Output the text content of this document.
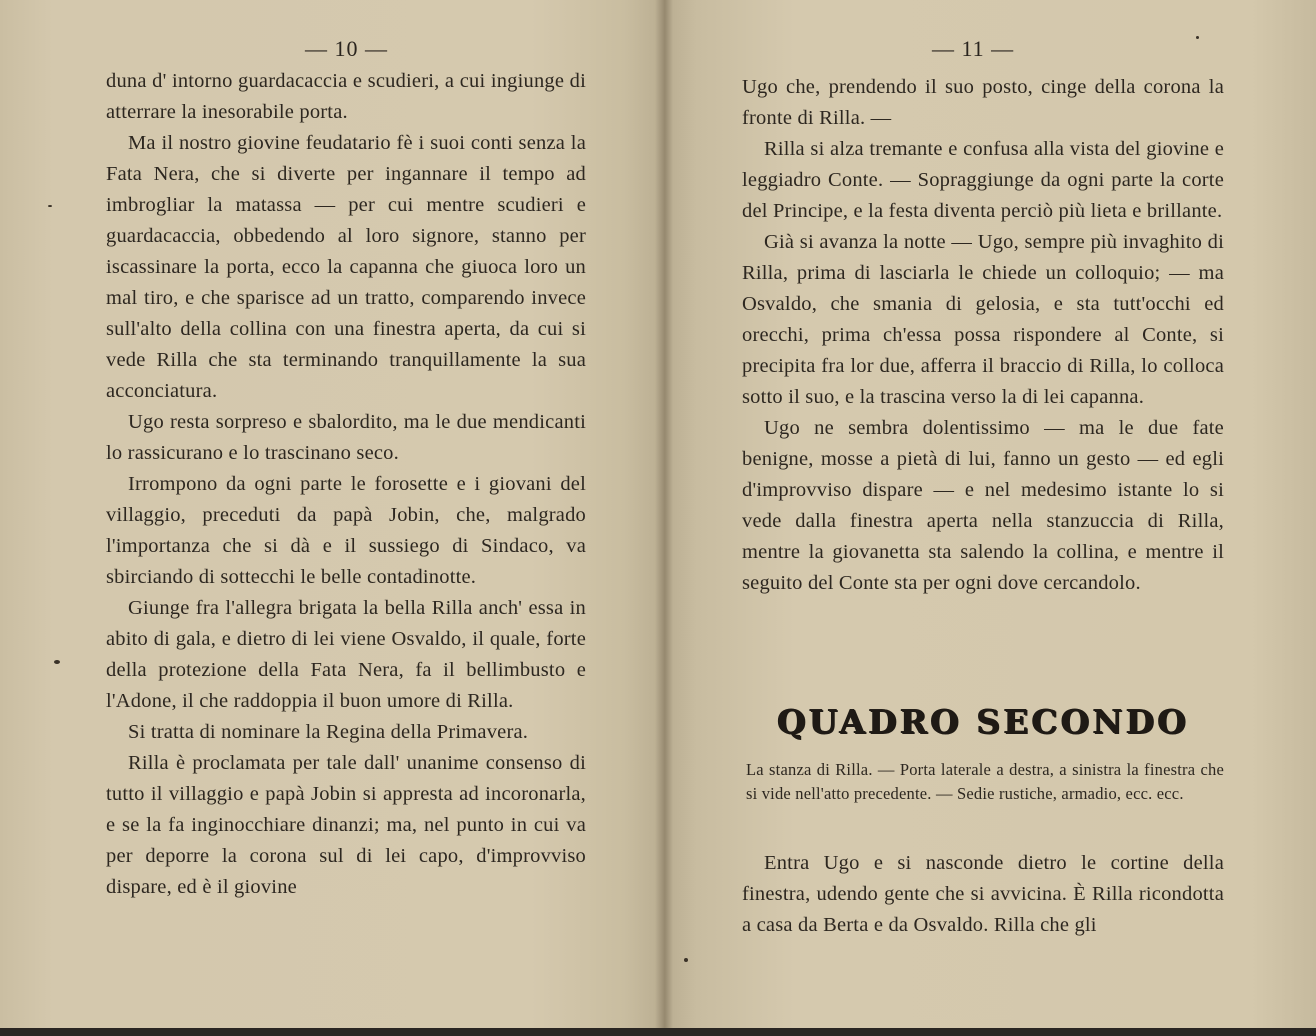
— 10 —

duna d' intorno guardacaccia e scudieri, a cui ingiunge di atterrare la inesorabile porta.

Ma il nostro giovine feudatario fè i suoi conti senza la Fata Nera, che si diverte per ingannare il tempo ad imbrogliar la matassa — per cui mentre scudieri e guardacaccia, obbedendo al loro signore, stanno per iscassinare la porta, ecco la capanna che giuoca loro un mal tiro, e che sparisce ad un tratto, comparendo invece sull'alto della collina con una finestra aperta, da cui si vede Rilla che sta terminando tranquillamente la sua acconciatura.

Ugo resta sorpreso e sbalordito, ma le due mendicanti lo rassicurano e lo trascinano seco.

Irrompono da ogni parte le forosette e i giovani del villaggio, preceduti da papà Jobin, che, malgrado l'importanza che si dà e il sussiego di Sindaco, va sbirciando di sottecchi le belle contadinotte.

Giunge fra l'allegra brigata la bella Rilla anch' essa in abito di gala, e dietro di lei viene Osvaldo, il quale, forte della protezione della Fata Nera, fa il bellimbusto e l'Adone, il che raddoppia il buon umore di Rilla.

Si tratta di nominare la Regina della Primavera.

Rilla è proclamata per tale dall' unanime consenso di tutto il villaggio e papà Jobin si appresta ad incoronarla, e se la fa inginocchiare dinanzi; ma, nel punto in cui va per deporre la corona sul di lei capo, d'improvviso dispare, ed è il giovine

— 11 —

Ugo che, prendendo il suo posto, cinge della corona la fronte di Rilla. —

Rilla si alza tremante e confusa alla vista del giovine e leggiadro Conte. — Sopraggiunge da ogni parte la corte del Principe, e la festa diventa perciò più lieta e brillante.

Già si avanza la notte — Ugo, sempre più invaghito di Rilla, prima di lasciarla le chiede un colloquio; — ma Osvaldo, che smania di gelosia, e sta tutt'occhi ed orecchi, prima ch'essa possa rispondere al Conte, si precipita fra lor due, afferra il braccio di Rilla, lo colloca sotto il suo, e la trascina verso la di lei capanna.

Ugo ne sembra dolentissimo — ma le due fate benigne, mosse a pietà di lui, fanno un gesto — ed egli d'improvviso dispare — e nel medesimo istante lo si vede dalla finestra aperta nella stanzuccia di Rilla, mentre la giovanetta sta salendo la collina, e mentre il seguito del Conte sta per ogni dove cercandolo.

QUADRO SECONDO
La stanza di Rilla. — Porta laterale a destra, a sinistra la finestra che si vide nell'atto precedente. — Sedie rustiche, armadio, ecc. ecc.

Entra Ugo e si nasconde dietro le cortine della finestra, udendo gente che si avvicina. È Rilla ricondotta a casa da Berta e da Osvaldo. Rilla che gli
